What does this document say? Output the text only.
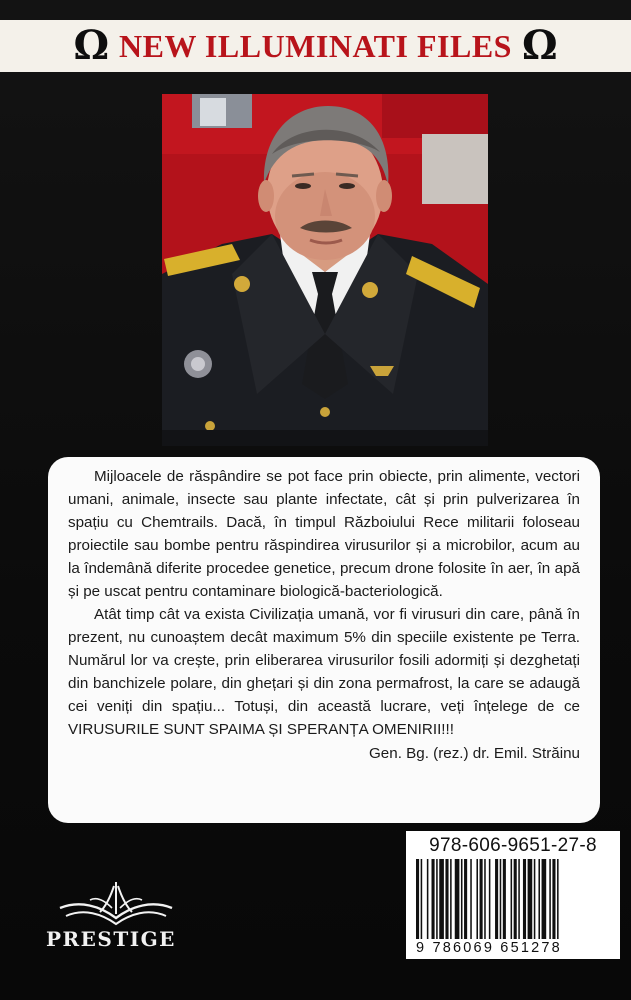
Ω NEW ILLUMINATI FILES Ω

Mijloacele de răspândire se pot face prin obiecte, prin alimente, vectori umani, animale, insecte sau plante infectate, cât și prin pulverizarea în spațiu cu Chemtrails. Dacă, în timpul Războiului Rece militarii foloseau proiectile sau bombe pentru răspindirea virusurilor și a microbilor, acum au la îndemână diferite procedee genetice, precum drone folosite în aer, în apă și pe uscat pentru contaminare biologică-bacteriologică.

Atât timp cât va exista Civilizația umană, vor fi virusuri din care, până în prezent, nu cunoaștem decât maximum 5% din speciile existente pe Terra. Numărul lor va crește, prin eliberarea virusurilor fosili adormiți și dezghetați din banchizele polare, din ghețari și din zona permafrost, la care se adaugă cei veniți din spațiu... Totuși, din această lucrare, veți înțelege de ce VIRUSURILE SUNT SPAIMA ȘI SPERANȚA OMENIRII!!!

Gen. Bg. (rez.) dr. Emil. Străinu

PRESTIGE
978-606-9651-27-8
9 786069 651278
